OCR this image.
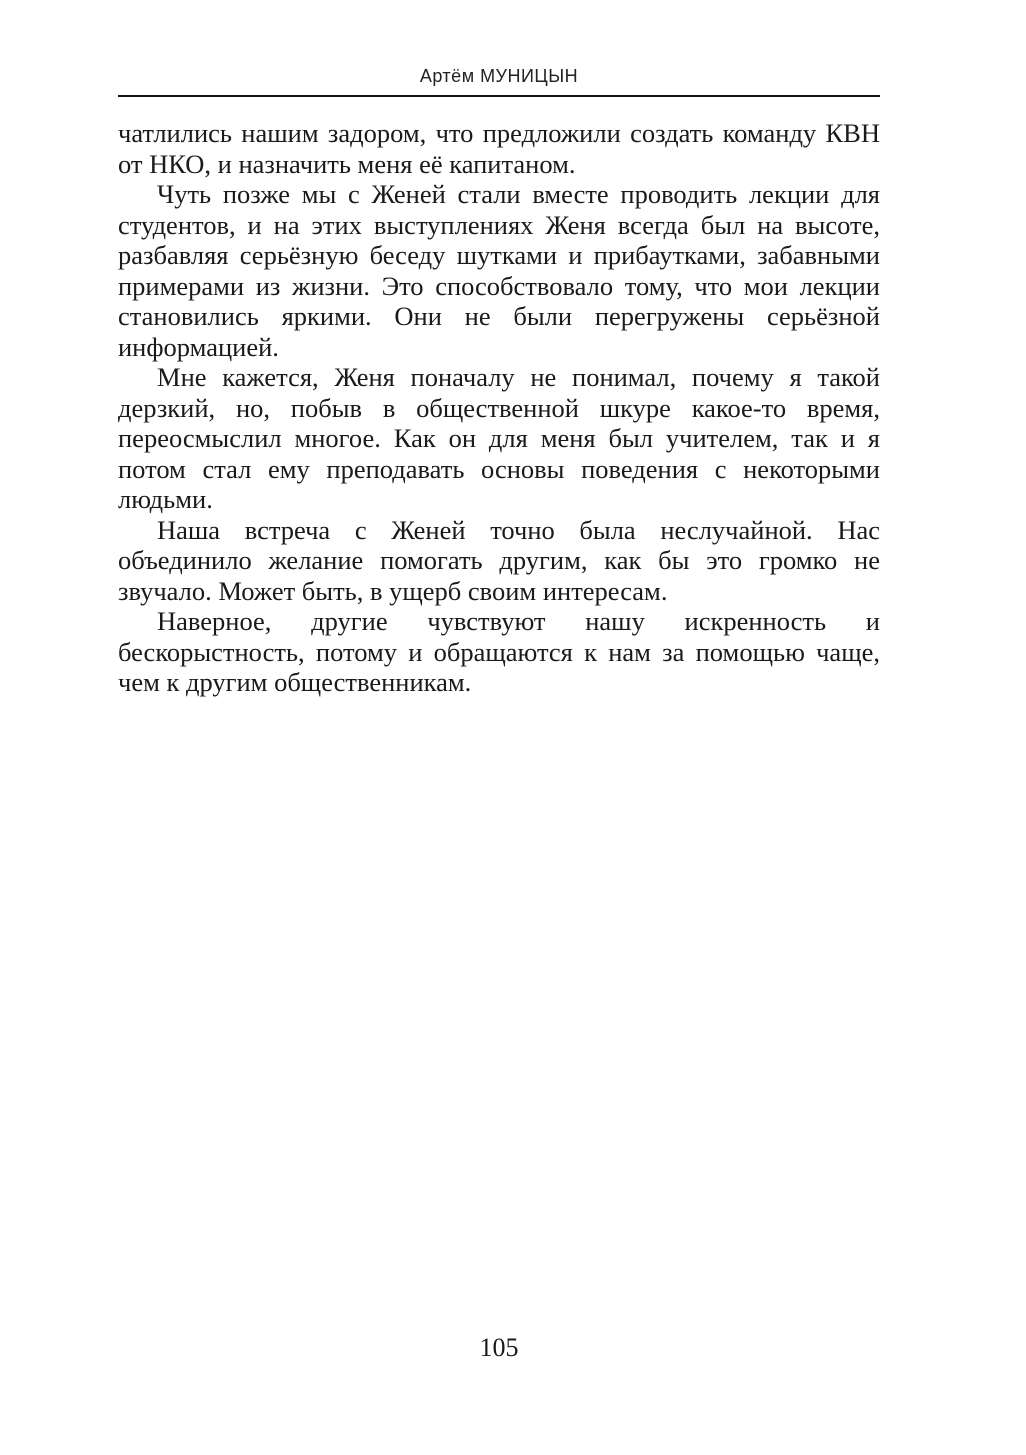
Артём МУНИЦЫН

чатлились нашим задором, что предложили создать команду КВН от НКО, и назначить меня её капитаном.

Чуть позже мы с Женей стали вместе проводить лекции для студентов, и на этих выступлениях Женя всегда был на высоте, разбавляя серьёзную беседу шутками и прибаутками, забавными примерами из жизни. Это способствовало тому, что мои лекции становились яркими. Они не были перегружены серьёзной информацией.

Мне кажется, Женя поначалу не понимал, почему я такой дерзкий, но, побыв в общественной шкуре какое-то время, переосмыслил многое. Как он для меня был учителем, так и я потом стал ему преподавать основы поведения с некоторыми людьми.

Наша встреча с Женей точно была неслучайной. Нас объединило желание помогать другим, как бы это громко не звучало. Может быть, в ущерб своим интересам.

Наверное, другие чувствуют нашу искренность и бескорыстность, потому и обращаются к нам за помощью чаще, чем к другим общественникам.

105
